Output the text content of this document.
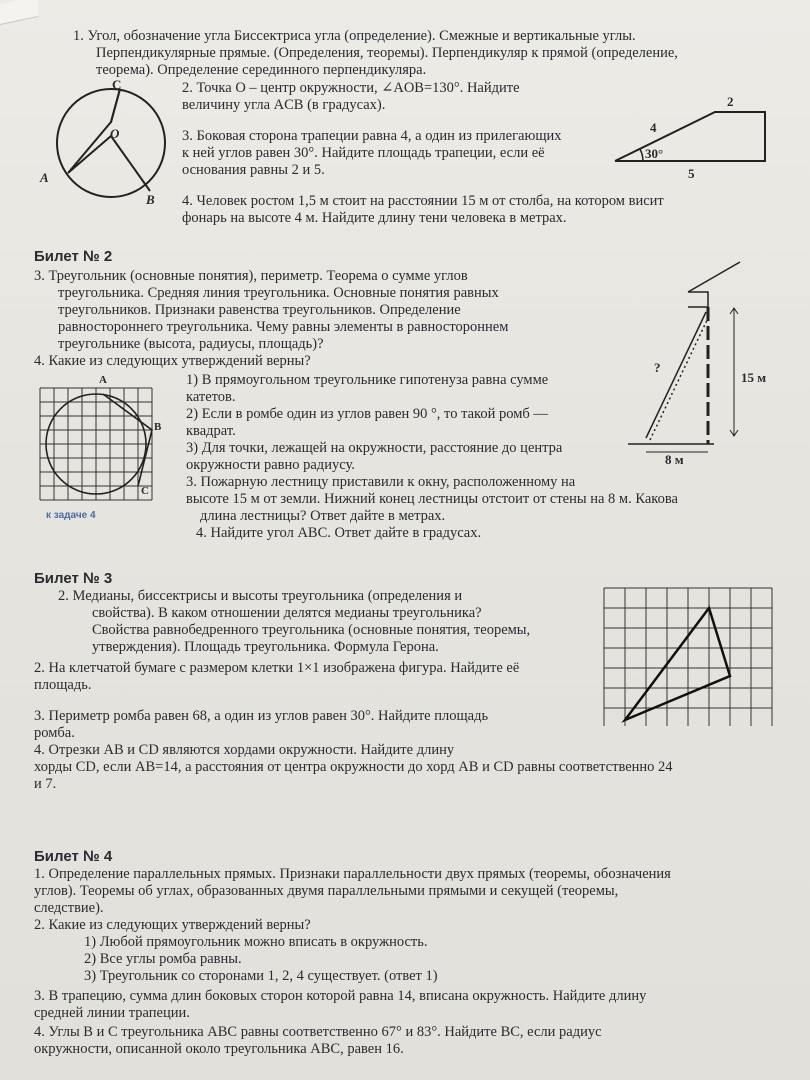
1. Угол, обозначение угла Биссектриса угла (определение). Смежные и вертикальные углы.
Перпендикулярные прямые. (Определения, теоремы). Перпендикуляр к прямой (определение,
теорема). Определение серединного перпендикуляра.
C
O
A
B
2. Точка O – центр окружности, ∠AOB=130°. Найдите
величину угла ACB (в градусах).
3. Боковая сторона трапеции равна 4, а один из прилегающих
к ней углов равен 30°. Найдите площадь трапеции, если её
основания равны 2 и 5.
2
4
30°
5
4. Человек ростом 1,5 м стоит на расстоянии 15 м от столба, на котором висит
фонарь на высоте 4 м. Найдите длину тени человека в метрах.
Билет № 2
3. Треугольник (основные понятия), периметр. Теорема о сумме углов
треугольника. Средняя линия треугольника. Основные понятия равных
треугольников. Признаки равенства треугольников. Определение
равностороннего треугольника. Чему равны элементы в равностороннем
треугольнике (высота, радиусы, площадь)?
4. Какие из следующих утверждений верны?
A
B
C
к задаче 4
1) В прямоугольном треугольнике гипотенуза равна сумме
катетов.
2) Если в ромбе один из углов равен 90 °, то такой ромб —
квадрат.
3) Для точки, лежащей на окружности, расстояние до центра
окружности равно радиусу.
3. Пожарную лестницу приставили к окну, расположенному на
высоте 15 м от земли. Нижний конец лестницы отстоит от стены на 8 м. Какова
длина лестницы? Ответ дайте в метрах.
4. Найдите угол ABC. Ответ дайте в градусах.
?
15 м
8 м
Билет № 3
2. Медианы, биссектрисы и высоты треугольника (определения и
свойства). В каком отношении делятся медианы треугольника?
Свойства равнобедренного треугольника (основные понятия, теоремы,
утверждения). Площадь треугольника. Формула Герона.
2. На клетчатой бумаге с размером клетки 1×1 изображена фигура. Найдите её
площадь.
3. Периметр ромба равен 68, а один из углов равен 30°. Найдите площадь
ромба.
4. Отрезки AB и CD являются хордами окружности. Найдите длину
хорды CD, если AB=14, а расстояния от центра окружности до хорд AB и CD равны соответственно 24
и 7.
Билет № 4
1. Определение параллельных прямых. Признаки параллельности двух прямых (теоремы, обозначения
углов). Теоремы об углах, образованных двумя параллельными прямыми и секущей (теоремы,
следствие).
2. Какие из следующих утверждений верны?
1) Любой прямоугольник можно вписать в окружность.
2) Все углы ромба равны.
3) Треугольник со сторонами 1, 2, 4 существует. (ответ 1)
3. В трапецию, сумма длин боковых сторон которой равна 14, вписана окружность. Найдите длину
средней линии трапеции.
4. Углы B и C треугольника ABC равны соответственно 67° и 83°. Найдите BC, если радиус
окружности, описанной около треугольника ABC, равен 16.
